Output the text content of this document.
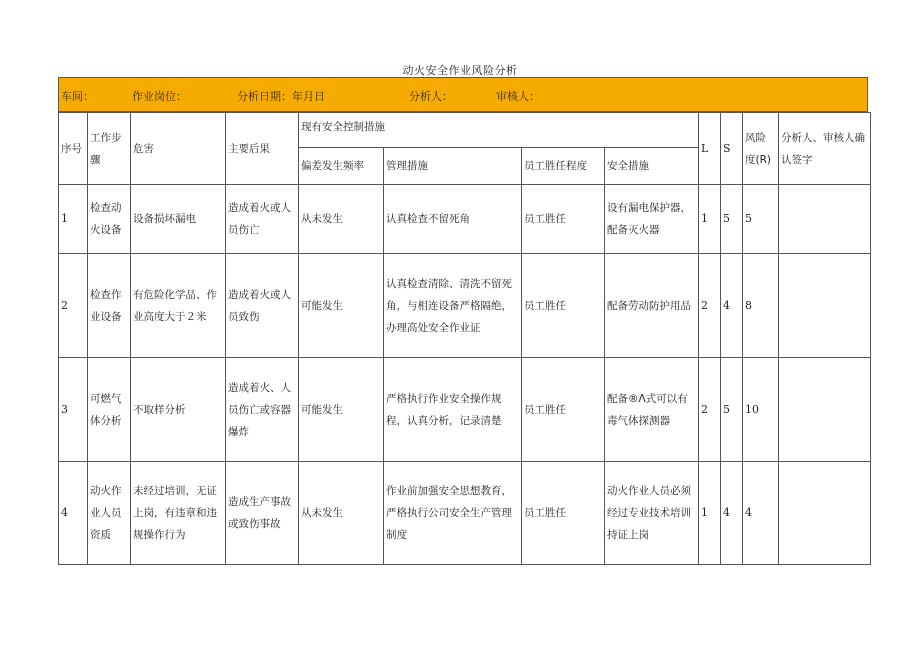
动火安全作业风险分析
车间：	作业岗位：	分析日期：年月日	分析人：	审核人：
序号	工作步骤	危害	主要后果	现有安全控制措施				L	S	风险度(R)	分析人、审核人确认签字
				偏差发生频率	管理措施	员工胜任程度	安全措施				
1	检查动火设备	设备损坏漏电	造成着火或人员伤亡	从未发生	认真检查不留死角	员工胜任	设有漏电保护器，配备灭火器	1	5	5	
2	检查作业设备	有危险化学品、作业高度大于２米	造成着火或人员致伤	可能发生	认真检查清除、清洗不留死角，与相连设备严格隔绝，办理高处安全作业证	员工胜任	配备劳动防护用品	2	4	8	
3	可燃气体分析	不取样分析	造成着火、人员伤亡或容器爆炸	可能发生	严格执行作业安全操作规程，认真分析，记录清楚	员工胜任	配备®Λ式可以有毒气体探测器	2	5	10	
4	动火作业人员资质	未经过培训，无证上岗，有违章和违规操作行为	造成生产事故或致伤事故	从未发生	作业前加强安全思想教育，严格执行公司安全生产管理制度	员工胜任	动火作业人员必须经过专业技术培训持证上岗	1	4	4	
